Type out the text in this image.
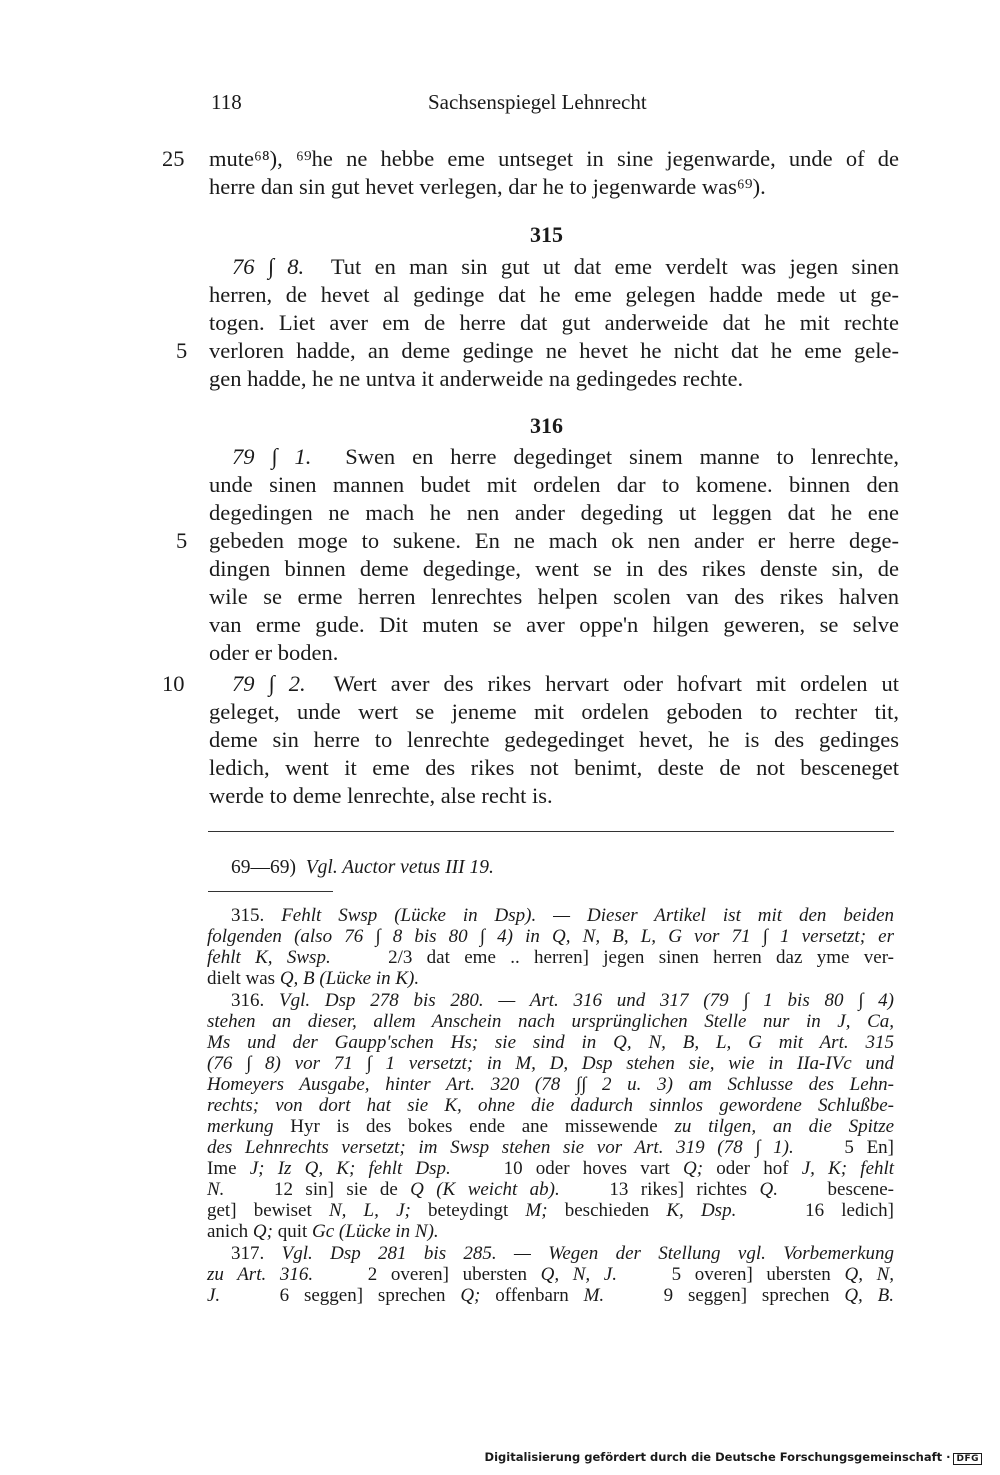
118	Sachsenspiegel Lehnrecht
25 mute⁶⁸), ⁶⁹he ne hebbe eme untseget in sine jegenwarde, unde of de
herre dan sin gut hevet verlegen, dar he to jegenwarde was⁶⁹).
315
76 ∫ 8. Tut en man sin gut ut dat eme verdelt was jegen sinen
herren, de hevet al gedinge dat he eme gelegen hadde mede ut ge-
togen. Liet aver em de herre dat gut anderweide dat he mit rechte
5 verloren hadde, an deme gedinge ne hevet he nicht dat he eme gele-
gen hadde, he ne untva it anderweide na gedingedes rechte.
316
79 ∫ 1. Swen en herre degedinget sinem manne to lenrechte,
unde sinen mannen budet mit ordelen dar to komene. binnen den
degedingen ne mach he nen ander degeding ut leggen dat he ene
5 gebeden moge to sukene. En ne mach ok nen ander er herre dege-
dingen binnen deme degedinge, went se in des rikes denste sin, de
wile se erme herren lenrechtes helpen scolen van des rikes halven
van erme gude. Dit muten se aver oppe'n hilgen geweren, se selve
oder er boden.
10 79 ∫ 2. Wert aver des rikes hervart oder hofvart mit ordelen ut
geleget, unde wert se jeneme mit ordelen geboden to rechter tit,
deme sin herre to lenrechte gedegedinget hevet, he is des gedinges
ledich, went it eme des rikes not benimt, deste de not besceneget
werde to deme lenrechte, alse recht is.
69—69) Vgl. Auctor vetus III 19.
315. Fehlt Swsp (Lücke in Dsp). — Dieser Artikel ist mit den beiden
folgenden (also 76 ∫ 8 bis 80 ∫ 4) in Q, N, B, L, G vor 71 ∫ 1 versetzt; er
fehlt K, Swsp.	2/3 dat eme .. herren] jegen sinen herren daz yme ver-
dielt was Q, B (Lücke in K).
316. Vgl. Dsp 278 bis 280. — Art. 316 und 317 (79 ∫ 1 bis 80 ∫ 4)
stehen an dieser, allem Anschein nach ursprünglichen Stelle nur in J, Ca,
Ms und der Gaupp'schen Hs; sie sind in Q, N, B, L, G mit Art. 315
(76 ∫ 8) vor 71 ∫ 1 versetzt; in M, D, Dsp stehen sie, wie in IIa-IVc und
Homeyers Ausgabe, hinter Art. 320 (78 ∫∫ 2 u. 3) am Schlusse des Lehn-
rechts; von dort hat sie K, ohne die dadurch sinnlos gewordene Schlußbe-
merkung Hyr is des bokes ende ane missewende zu tilgen, an die Spitze
des Lehnrechts versetzt; im Swsp stehen sie vor Art. 319 (78 ∫ 1).	5 En]
Ime J; Iz Q, K; fehlt Dsp.	10 oder hoves vart Q; oder hof J, K; fehlt
N.	12 sin] sie de Q (K weicht ab).	13 rikes] richtes Q.	bescene-
get] bewiset N, L, J; beteydingt M; beschieden K, Dsp.	16 ledich]
anich Q; quit Gc (Lücke in N).
317. Vgl. Dsp 281 bis 285. — Wegen der Stellung vgl. Vorbemerkung
zu Art. 316.	2 overen] ubersten Q, N, J.	5 overen] ubersten Q, N,
J.	6 seggen] sprechen Q; offenbarn M.	9 seggen] sprechen Q, B.
Digitalisierung gefördert durch die Deutsche Forschungsgemeinschaft · DFG
